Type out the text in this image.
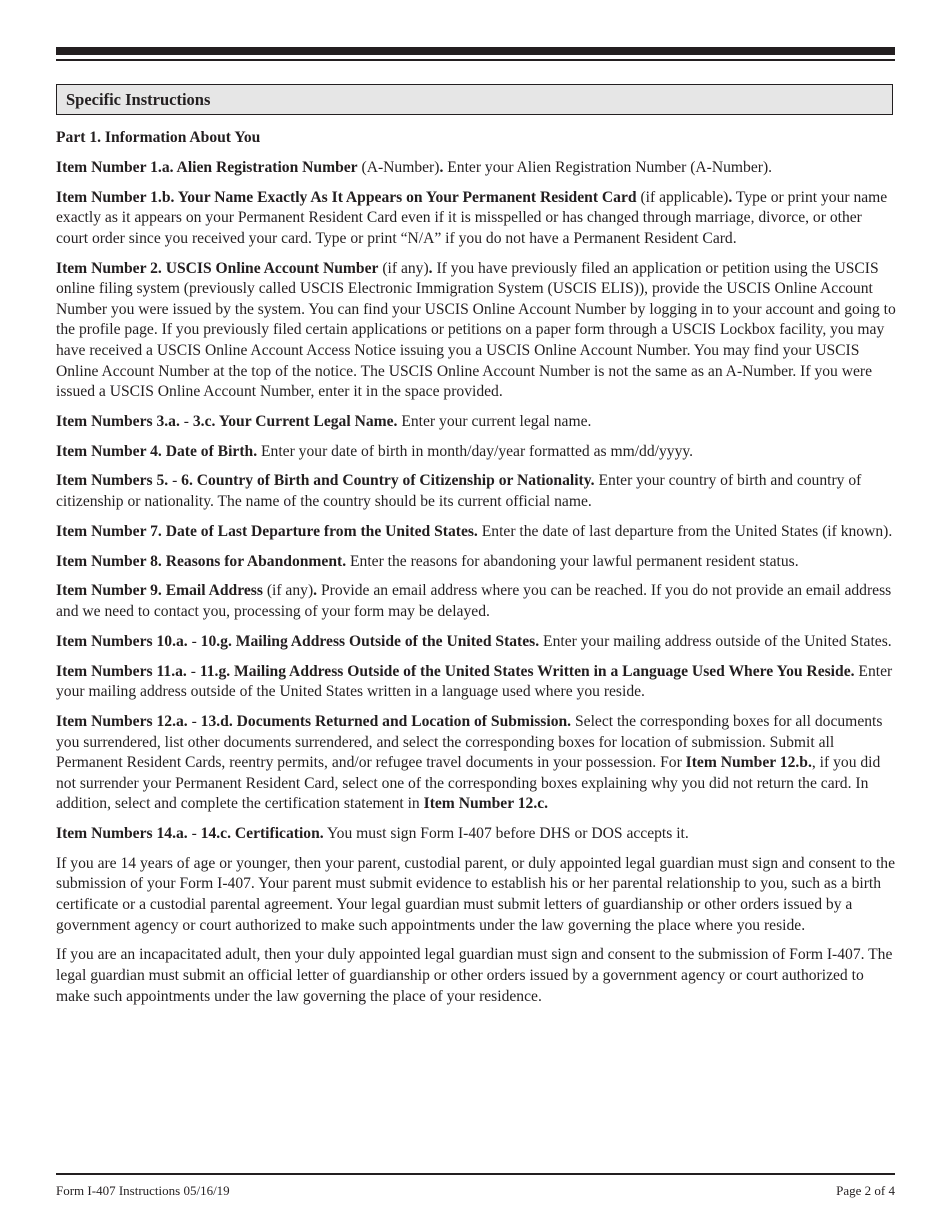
Specific Instructions

Part 1. Information About You

Item Number 1.a. Alien Registration Number (A-Number). Enter your Alien Registration Number (A-Number).

Item Number 1.b. Your Name Exactly As It Appears on Your Permanent Resident Card (if applicable). Type or print your name exactly as it appears on your Permanent Resident Card even if it is misspelled or has changed through marriage, divorce, or other court order since you received your card. Type or print “N/A” if you do not have a Permanent Resident Card.

Item Number 2. USCIS Online Account Number (if any). If you have previously filed an application or petition using the USCIS online filing system (previously called USCIS Electronic Immigration System (USCIS ELIS)), provide the USCIS Online Account Number you were issued by the system. You can find your USCIS Online Account Number by logging in to your account and going to the profile page. If you previously filed certain applications or petitions on a paper form through a USCIS Lockbox facility, you may have received a USCIS Online Account Access Notice issuing you a USCIS Online Account Number. You may find your USCIS Online Account Number at the top of the notice. The USCIS Online Account Number is not the same as an A-Number. If you were issued a USCIS Online Account Number, enter it in the space provided.

Item Numbers 3.a. - 3.c. Your Current Legal Name. Enter your current legal name.

Item Number 4. Date of Birth. Enter your date of birth in month/day/year formatted as mm/dd/yyyy.

Item Numbers 5. - 6. Country of Birth and Country of Citizenship or Nationality. Enter your country of birth and country of citizenship or nationality. The name of the country should be its current official name.

Item Number 7. Date of Last Departure from the United States. Enter the date of last departure from the United States (if known).

Item Number 8. Reasons for Abandonment. Enter the reasons for abandoning your lawful permanent resident status.

Item Number 9. Email Address (if any). Provide an email address where you can be reached. If you do not provide an email address and we need to contact you, processing of your form may be delayed.

Item Numbers 10.a. - 10.g. Mailing Address Outside of the United States. Enter your mailing address outside of the United States.

Item Numbers 11.a. - 11.g. Mailing Address Outside of the United States Written in a Language Used Where You Reside. Enter your mailing address outside of the United States written in a language used where you reside.

Item Numbers 12.a. - 13.d. Documents Returned and Location of Submission. Select the corresponding boxes for all documents you surrendered, list other documents surrendered, and select the corresponding boxes for location of submission. Submit all Permanent Resident Cards, reentry permits, and/or refugee travel documents in your possession. For Item Number 12.b., if you did not surrender your Permanent Resident Card, select one of the corresponding boxes explaining why you did not return the card. In addition, select and complete the certification statement in Item Number 12.c.

Item Numbers 14.a. - 14.c. Certification. You must sign Form I-407 before DHS or DOS accepts it.

If you are 14 years of age or younger, then your parent, custodial parent, or duly appointed legal guardian must sign and consent to the submission of your Form I-407. Your parent must submit evidence to establish his or her parental relationship to you, such as a birth certificate or a custodial parental agreement. Your legal guardian must submit letters of guardianship or other orders issued by a government agency or court authorized to make such appointments under the law governing the place where you reside.

If you are an incapacitated adult, then your duly appointed legal guardian must sign and consent to the submission of Form I-407. The legal guardian must submit an official letter of guardianship or other orders issued by a government agency or court authorized to make such appointments under the law governing the place of your residence.

Form I-407 Instructions 05/16/19	Page 2 of 4
